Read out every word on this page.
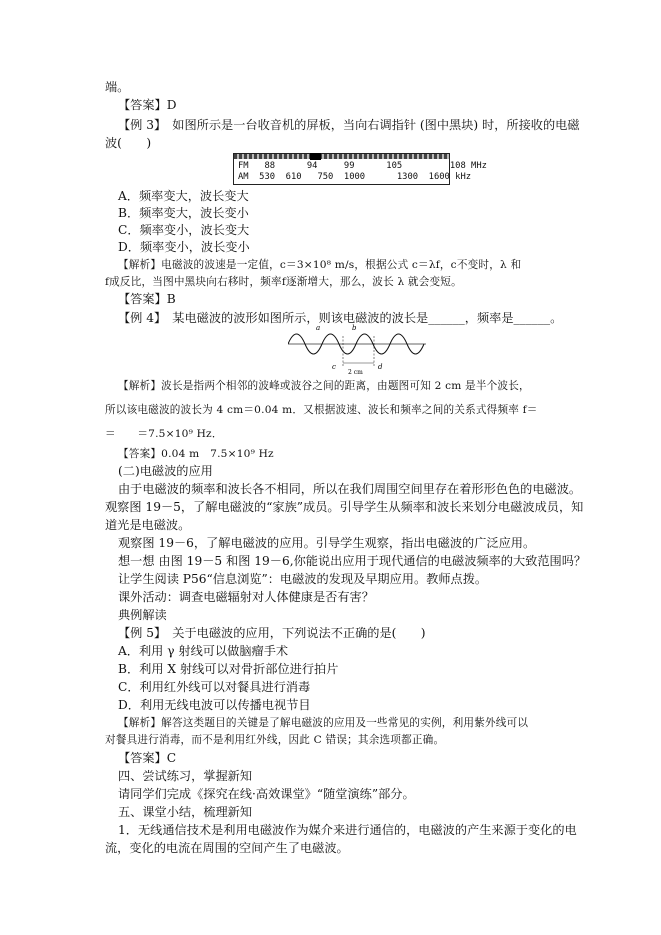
端。
【答案】D
【例 3】　如图所示是一台收音机的屏板，当向右调指针 (图中黑块) 时，所接收的电磁
波(　　)
FM   88      94     99      105         108 MHz
AM  530  610   750  1000      1300  1600 kHz
A．频率变大，波长变大
B．频率变大，波长变小
C．频率变小，波长变大
D．频率变小，波长变小
【解析】电磁波的波速是一定值，c＝3×10⁸ m/s，根据公式 c＝λf，c不变时，λ 和
f成反比，当图中黑块向右移时，频率f逐渐增大，那么，波长 λ 就会变短。
【答案】B
【例 4】　某电磁波的波形如图所示，则该电磁波的波长是______，频率是______。
a	b
c	d
2 cm
【解析】波长是指两个相邻的波峰或波谷之间的距离，由题图可知 2 cm 是半个波长，
所以该电磁波的波长为 4 cm＝0.04 m．又根据波速、波长和频率之间的关系式得频率 f＝
＝　　＝7.5×10⁹ Hz．
【答案】0.04 m　7.5×10⁹ Hz
(二)电磁波的应用
由于电磁波的频率和波长各不相同，所以在我们周围空间里存在着形形色色的电磁波。
观察图 19－5，了解电磁波的“家族”成员。引导学生从频率和波长来划分电磁波成员，知
道光是电磁波。
观察图 19－6，了解电磁波的应用。引导学生观察，指出电磁波的广泛应用。
想一想 由图 19－5 和图 19－6,你能说出应用于现代通信的电磁波频率的大致范围吗？
让学生阅读 P56“信息浏览”：电磁波的发现及早期应用。教师点拨。
课外活动：调查电磁辐射对人体健康是否有害？
典例解读
【例 5】　关于电磁波的应用，下列说法不正确的是(　　)
A．利用 γ 射线可以做脑瘤手术
B．利用 X 射线可以对骨折部位进行拍片
C．利用红外线可以对餐具进行消毒
D．利用无线电波可以传播电视节目
【解析】解答这类题目的关键是了解电磁波的应用及一些常见的实例，利用紫外线可以
对餐具进行消毒，而不是利用红外线，因此 C 错误；其余选项都正确。
【答案】C
四、尝试练习，掌握新知
请同学们完成《探究在线·高效课堂》“随堂演练”部分。
五、课堂小结，梳理新知
1．无线通信技术是利用电磁波作为媒介来进行通信的，电磁波的产生来源于变化的电
流，变化的电流在周围的空间产生了电磁波。
